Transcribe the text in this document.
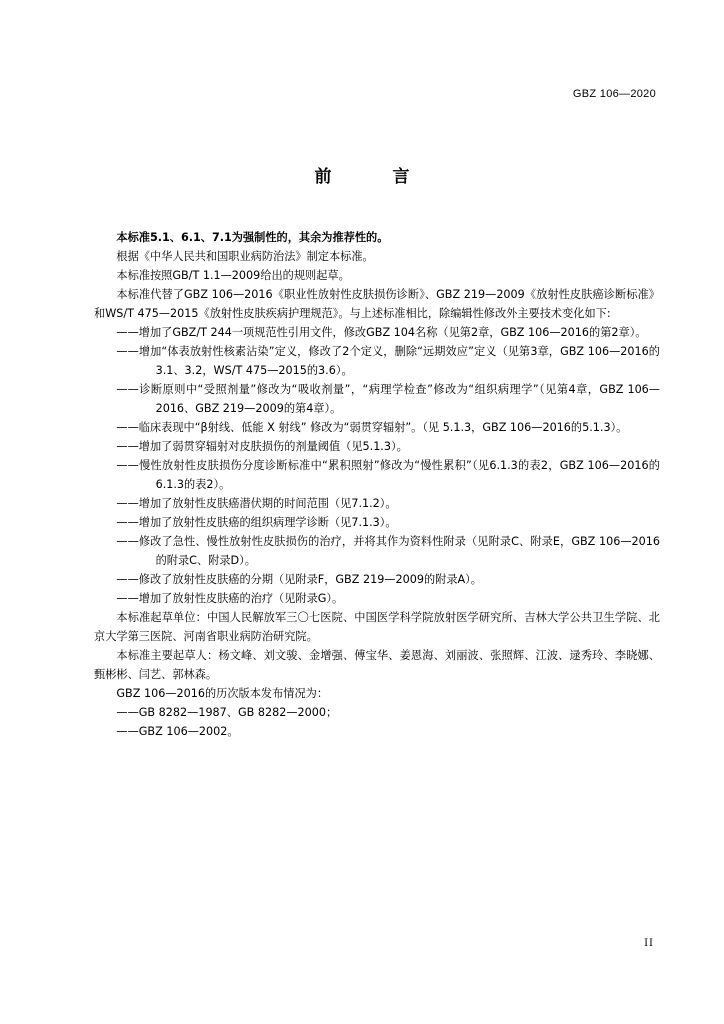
GBZ 106—2020
前　言

本标准5.1、6.1、7.1为强制性的，其余为推荐性的。

根据《中华人民共和国职业病防治法》制定本标准。

本标准按照GB/T 1.1—2009给出的规则起草。

本标准代替了GBZ 106—2016《职业性放射性皮肤损伤诊断》、GBZ 219—2009《放射性皮肤癌诊断标准》和WS/T 475—2015《放射性皮肤疾病护理规范》。与上述标准相比，除编辑性修改外主要技术变化如下:

——增加了GBZ/T 244一项规范性引用文件，修改GBZ 104名称（见第2章，GBZ 106—2016的第2章）。

——增加“体表放射性核素沾染”定义，修改了2个定义，删除“远期效应”定义（见第3章，GBZ 106—2016的3.1、3.2，WS/T 475—2015的3.6）。

——诊断原则中“受照剂量”修改为“吸收剂量”，“病理学检查”修改为“组织病理学”（见第4章，GBZ 106—2016、GBZ 219—2009的第4章）。

——临床表现中“β射线、低能 X 射线” 修改为“弱贯穿辐射”。（见 5.1.3，GBZ 106—2016的5.1.3）。

——增加了弱贯穿辐射对皮肤损伤的剂量阈值（见5.1.3）。

——慢性放射性皮肤损伤分度诊断标准中“累积照射”修改为“慢性累积”（见6.1.3的表2，GBZ 106—2016的6.1.3的表2）。

——增加了放射性皮肤癌潜伏期的时间范围（见7.1.2）。

——增加了放射性皮肤癌的组织病理学诊断（见7.1.3）。

——修改了急性、慢性放射性皮肤损伤的治疗，并将其作为资料性附录（见附录C、附录E，GBZ 106—2016的附录C、附录D）。

——修改了放射性皮肤癌的分期（见附录F，GBZ 219—2009的附录A）。

——增加了放射性皮肤癌的治疗（见附录G）。

本标准起草单位：中国人民解放军三〇七医院、中国医学科学院放射医学研究所、吉林大学公共卫生学院、北京大学第三医院、河南省职业病防治研究院。

本标准主要起草人：杨文峰、刘文骏、金增强、傅宝华、姜恩海、刘丽波、张照辉、江波、逯秀玲、李晓娜、甄彬彬、闫艺、郭林森。

GBZ 106—2016的历次版本发布情况为：

——GB 8282—1987、GB 8282—2000；

——GBZ 106—2002。

II
